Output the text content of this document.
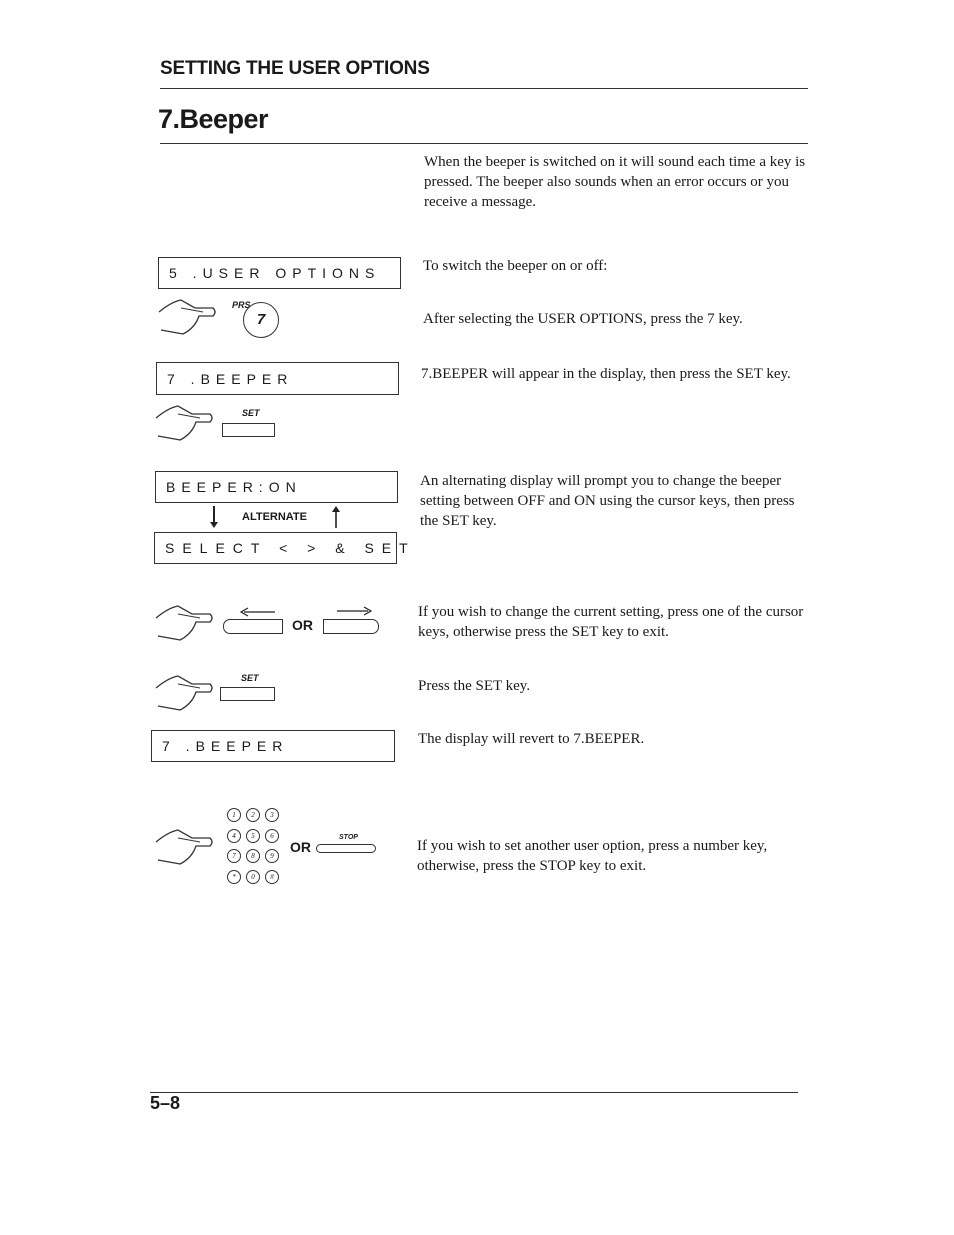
SETTING THE USER OPTIONS
7.Beeper
When the beeper is switched on it will sound each time a key is pressed. The beeper also sounds when an error occurs or you receive a message.
5 .USER OPTIONS	To switch the beeper on or off:
PRS
7	After selecting the USER OPTIONS, press the 7 key.
7 .BEEPER	7.BEEPER will appear in the display, then press the SET key.
SET
BEEPER:ON
ALTERNATE
SELECT < > & SET
An alternating display will prompt you to change the beeper setting between OFF and ON using the cursor keys, then press the SET key.
OR
If you wish to change the current setting, press one of the cursor keys, otherwise press the SET key to exit.
SET	Press the SET key.
7 .BEEPER	The display will revert to 7.BEEPER.
1	2	3
4	5	6
7	8	9
*	0	#
OR
STOP
If you wish to set another user option, press a number key, otherwise, press the STOP key to exit.
5–8
